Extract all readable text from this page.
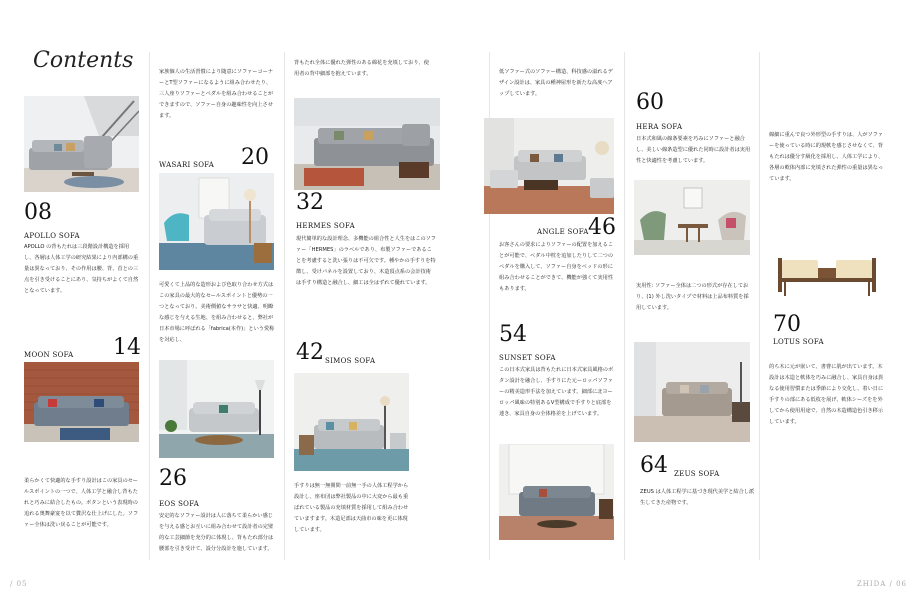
Contents
08
APOLLO SOFA
APOLLO の背もたれは三段階設計構造を採用し、各層は人体工学の研究結果により内部構の重量は異なっており、その作用は腰、背、首との三点を引き受けることにあり、気持ちがよくて自然となっています。
14
MOON SOFA
柔らかくて快適的な手すり設計はこの家具のセールスポイントの一つで、人体工学と融合し背もたれと巧みに結合したもの。ボタンという表現時の追れる奥舞豪宴を以て贅沢な仕上げにした。ソファー全体は洗い戻ることが可能です。
家族個人の生活習慣により随意にソファーコーナーとT型ソファーになるように組み合わせたり、三人座りソファーとペダルを組み合わせることができますので、ソファー自身の趣味性を向上させます。
20
WASARI SOFA
可愛くて上品的な造形および色取り合わせ方式はこの家具の最大的なセールスポイントと優勢の一つとなっており。美術價値なサラサと快適、明瞭な感じを与える生地、を組み合わせると、弊社が日本市場に呼ばれる「fabrica(本作)」という愛称を対応し、
26
EOS SOFA
安定的なソファー設計は人に落ちて柔らかい感じを与える感とお互いに組み合わせて設計者の完璧的な工芸細節を充分的に体現し、背もたれ部分は腰部を引き受けて、設分分設計を施しています。
背もたれ全体に優れた弾性のある綿花を充填しており、使用者の背中細部を抱えています。
32
HERMES SOFA
現代簡単的な設計理念、多機能の組合性と人生をはこのソファー「HERMES」のラベルであり、布製ソファーであることを考慮すると洗い張りは不可欠です。種やかの手すりを特徴し、受けバネルを設置しており、木造頂点系の会計技術は手すり構造と融合し、細工は全はずれて優れています。
42 SIMOS SOFA
手すりは無一無関問一前無一手の人体工程学から設計し、座布団は弊社製品の中に大変から最も重ばれている製品の充填材質を採用して組み合わせていますます。木造足部は天曲市の味を更に体現しています。
低ソファー式のソファー構造、科技感の溢れるデザイン設計は、家具の種神屋形を新たな高度へアップしています。
ANGLE SOFA 46
お客さんの要求によりソファーの配置を加えることが可能で、ベダル中枕を追加したりして二つのペダルを購入して、ソファー自身をベッドの形に組み合わせることができて、機能が強くて実用性もあります。
54
SUNSET SOFA
この日本式家具は背もたれに日本式家具風格のボタン設計を融合し、手すりにた元ーロッパソファーの精美造形手法を加えています。細部に北ヨーロッパ風味の特別あるV型構成で手すりと底部を連き、家具自身の全体格差を上げています。
60
HERA SOFA
日本式和風の線条要素を巧みにソファーと融合し、美しい線条造型に優れた同時に設計者は実用性と快適性を考慮しています。
実用性: ソファー全体は二つの形式が存在しており、(1) 外し洗いタイプで材料は上品布料質を採用しています。
64 ZEUS SOFA
ZEUS は人体工程学に基づき現代美学と結合し派生してきた産物です。
線細に重んで良つ外形型の手すりは、人がソファーを使っている時に的規軟を感じさせなくて、背もたれは優分す級化を採用し、人体工学により、各層の軟体内部に充填された弾性の重量は異なっています。
70
LOTUS SOFA
的ち木に元が嵌いて、書曹に肌が出ています。木設計は木造と軟体を巧みに融合し、家具自身は異なる使用習慣または季節により交化し、着い日に手すりの部にある低枚を展げ、軟体シーズをを外してから使用用途で、自然の木造構造色引き移示しています。
/ 05	ZHIDA / 06
